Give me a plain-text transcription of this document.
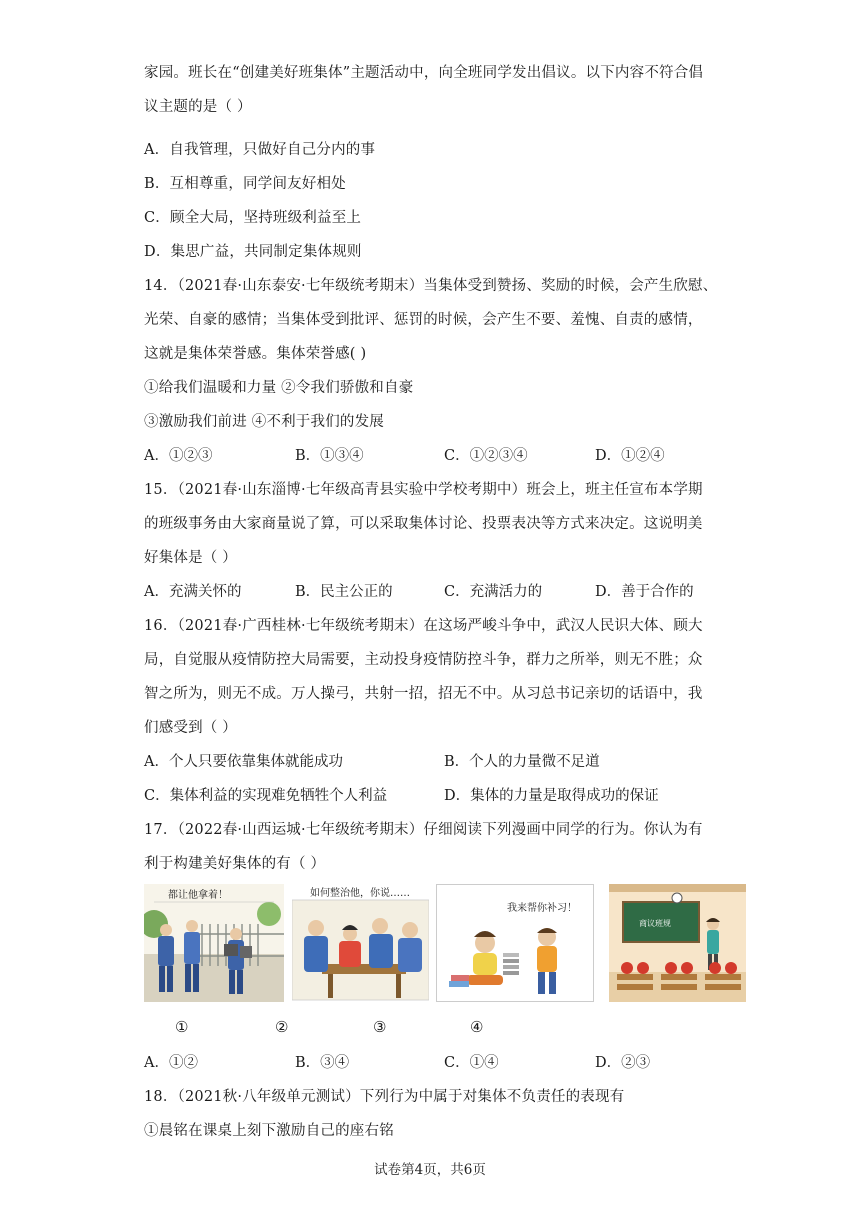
家园。班长在“创建美好班集体”主题活动中，向全班同学发出倡议。以下内容不符合倡
议主题的是（ ）
A．自我管理，只做好自己分内的事
B．互相尊重，同学间友好相处
C．顾全大局，坚持班级利益至上
D．集思广益，共同制定集体规则
14．（2021春·山东泰安·七年级统考期末）当集体受到赞扬、奖励的时候，会产生欣慰、
光荣、自豪的感情；当集体受到批评、惩罚的时候，会产生不要、羞愧、自责的感情，
这就是集体荣誉感。集体荣誉感( )
①给我们温暖和力量 ②令我们骄傲和自豪
③激励我们前进 ④不利于我们的发展
A．①②③	B．①③④	C．①②③④	D．①②④
15．（2021春·山东淄博·七年级高青县实验中学校考期中）班会上，班主任宣布本学期
的班级事务由大家商量说了算，可以采取集体讨论、投票表决等方式来决定。这说明美
好集体是（ ）
A．充满关怀的	B．民主公正的	C．充满活力的	D．善于合作的
16．（2021春·广西桂林·七年级统考期末）在这场严峻斗争中，武汉人民识大体、顾大
局，自觉服从疫情防控大局需要，主动投身疫情防控斗争，群力之所举，则无不胜；众
智之所为，则无不成。万人操弓，共射一招，招无不中。从习总书记亲切的话语中，我
们感受到（ ）
A．个人只要依靠集体就能成功	B．个人的力量微不足道
C．集体利益的实现难免牺牲个人利益	D．集体的力量是取得成功的保证
17．（2022春·山西运城·七年级统考期末）仔细阅读下列漫画中同学的行为。你认为有
利于构建美好集体的有（ ）
都让他拿着！	如何整治他，你说……
我来帮你补习！
商议班规
①	②	③	④
A．①②	B．③④	C．①④	D．②③
18．（2021秋·八年级单元测试）下列行为中属于对集体不负责任的表现有
①晨铭在课桌上刻下激励自己的座右铭
试卷第4页，共6页
